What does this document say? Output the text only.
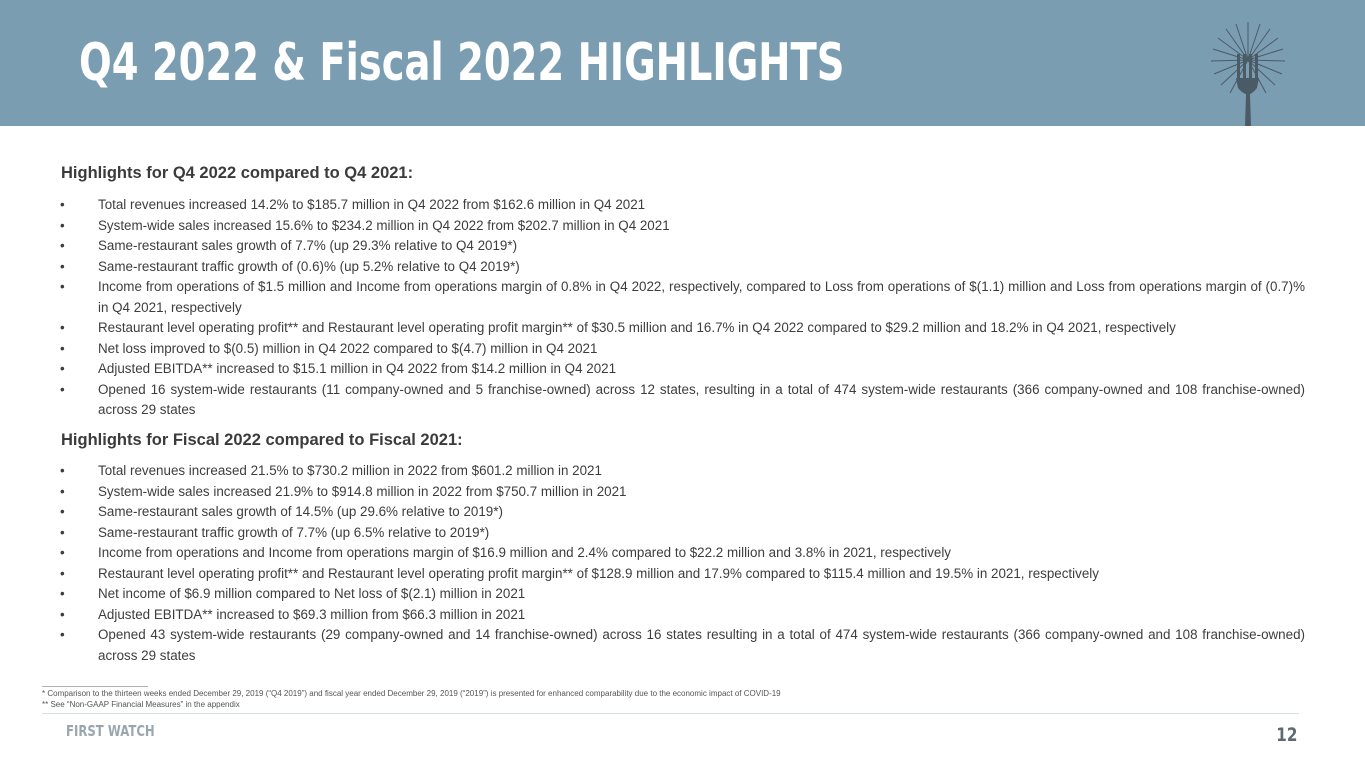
Q4 2022 & Fiscal 2022 HIGHLIGHTS
Highlights for Q4 2022 compared to Q4 2021:
• Total revenues increased 14.2% to $185.7 million in Q4 2022 from $162.6 million in Q4 2021
• System-wide sales increased 15.6% to $234.2 million in Q4 2022 from $202.7 million in Q4 2021
• Same-restaurant sales growth of 7.7% (up 29.3% relative to Q4 2019*)
• Same-restaurant traffic growth of (0.6)% (up 5.2% relative to Q4 2019*)
• Income from operations of $1.5 million and Income from operations margin of 0.8% in Q4 2022, respectively, compared to Loss from operations of $(1.1) million and Loss from operations margin of (0.7)% in Q4 2021, respectively
• Restaurant level operating profit** and Restaurant level operating profit margin** of $30.5 million and 16.7% in Q4 2022 compared to $29.2 million and 18.2% in Q4 2021, respectively
• Net loss improved to $(0.5) million in Q4 2022 compared to $(4.7) million in Q4 2021
• Adjusted EBITDA** increased to $15.1 million in Q4 2022 from $14.2 million in Q4 2021
• Opened 16 system-wide restaurants (11 company-owned and 5 franchise-owned) across 12 states, resulting in a total of 474 system-wide restaurants (366 company-owned and 108 franchise-owned) across 29 states
Highlights for Fiscal 2022 compared to Fiscal 2021:
• Total revenues increased 21.5% to $730.2 million in 2022 from $601.2 million in 2021
• System-wide sales increased 21.9% to $914.8 million in 2022 from $750.7 million in 2021
• Same-restaurant sales growth of 14.5% (up 29.6% relative to 2019*)
• Same-restaurant traffic growth of 7.7% (up 6.5% relative to 2019*)
• Income from operations and Income from operations margin of $16.9 million and 2.4% compared to $22.2 million and 3.8% in 2021, respectively
• Restaurant level operating profit** and Restaurant level operating profit margin** of $128.9 million and 17.9% compared to $115.4 million and 19.5% in 2021, respectively
• Net income of $6.9 million compared to Net loss of $(2.1) million in 2021
• Adjusted EBITDA** increased to $69.3 million from $66.3 million in 2021
• Opened 43 system-wide restaurants (29 company-owned and 14 franchise-owned) across 16 states resulting in a total of 474 system-wide restaurants (366 company-owned and 108 franchise-owned) across 29 states
* Comparison to the thirteen weeks ended December 29, 2019 (“Q4 2019”) and fiscal year ended December 29, 2019 (“2019”) is presented for enhanced comparability due to the economic impact of COVID-19
** See “Non-GAAP Financial Measures” in the appendix
FIRST WATCH	12
